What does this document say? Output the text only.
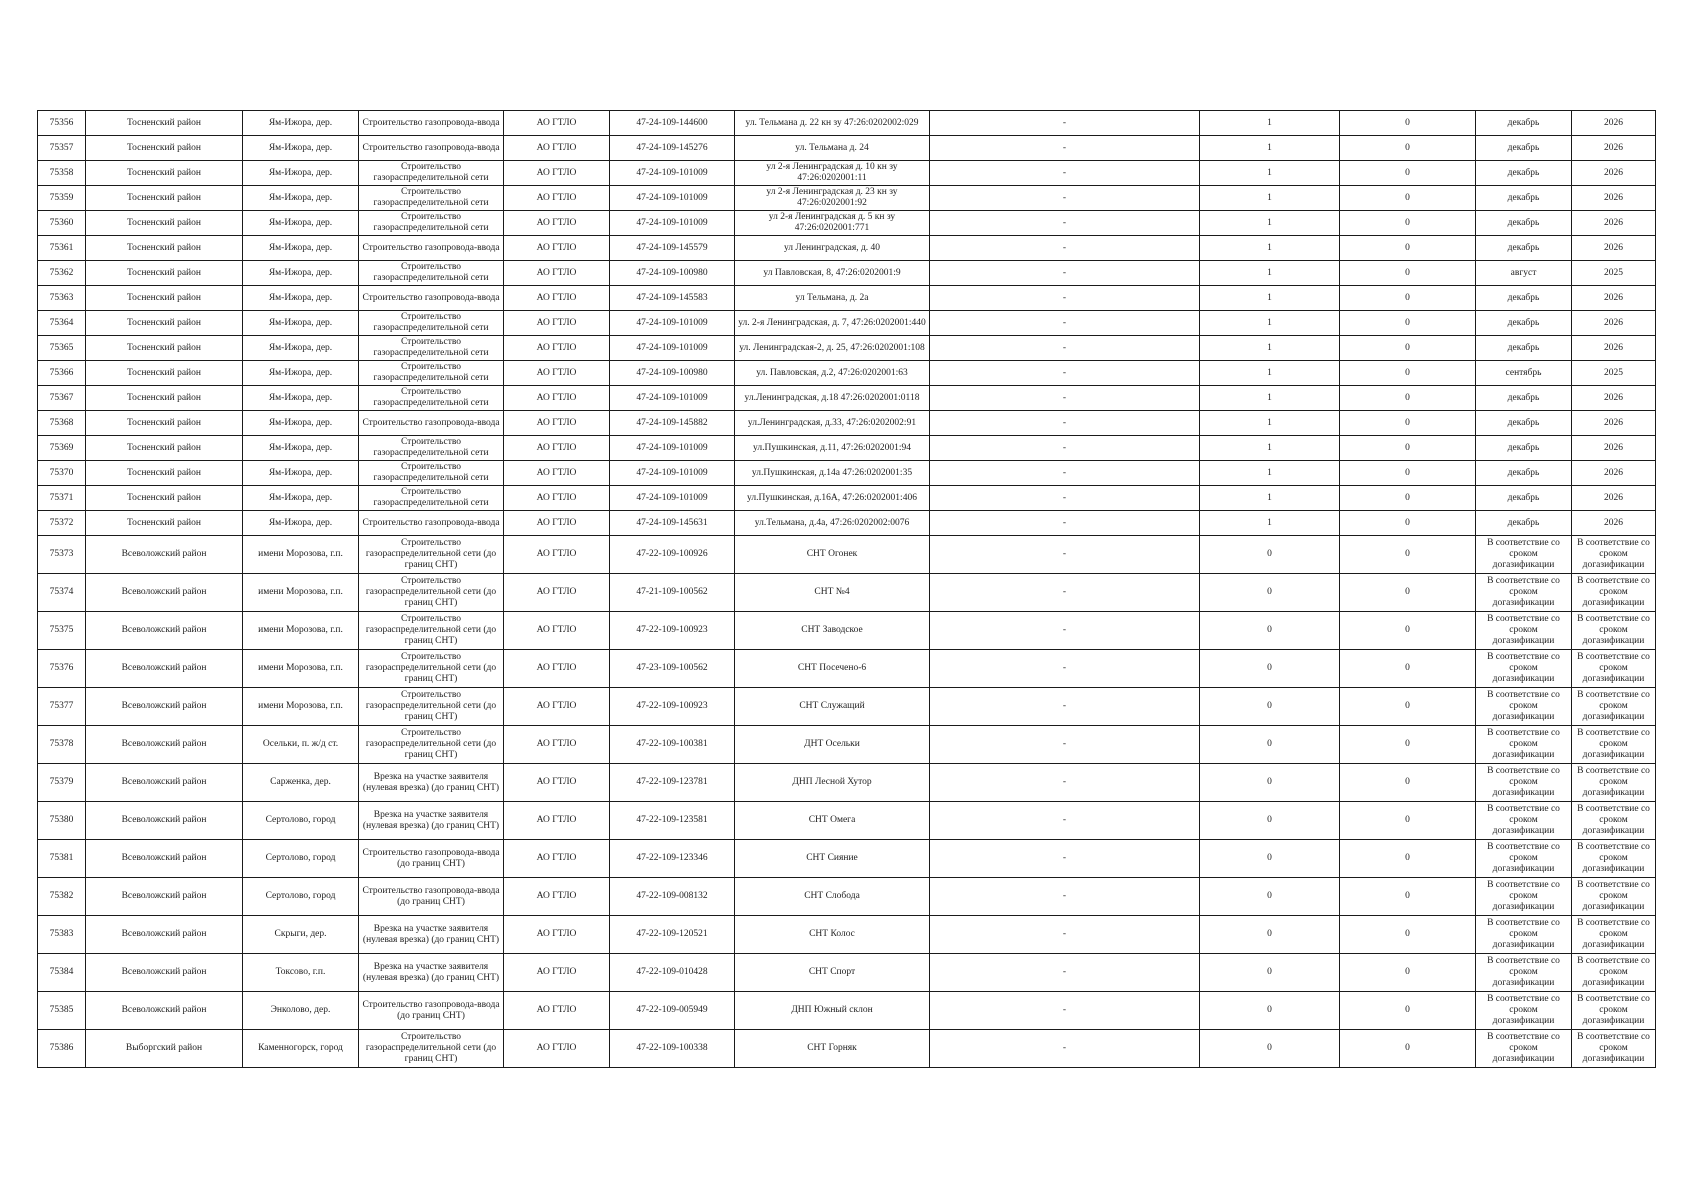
75356	Тосненский район	Ям-Ижора, дер.	Строительство газопровода-ввода	АО ГТЛО	47-24-109-144600	ул. Тельмана д. 22 кн зу 47:26:0202002:029	-	1	0	декабрь	2026
75357	Тосненский район	Ям-Ижора, дер.	Строительство газопровода-ввода	АО ГТЛО	47-24-109-145276	ул. Тельмана д. 24	-	1	0	декабрь	2026
75358	Тосненский район	Ям-Ижора, дер.	Строительство газораспределительной сети	АО ГТЛО	47-24-109-101009	ул 2-я Ленинградская д. 10 кн зу 47:26:0202001:11	-	1	0	декабрь	2026
75359	Тосненский район	Ям-Ижора, дер.	Строительство газораспределительной сети	АО ГТЛО	47-24-109-101009	ул 2-я Ленинградская д. 23 кн зу 47:26:0202001:92	-	1	0	декабрь	2026
75360	Тосненский район	Ям-Ижора, дер.	Строительство газораспределительной сети	АО ГТЛО	47-24-109-101009	ул 2-я Ленинградская д. 5 кн зу 47:26:0202001:771	-	1	0	декабрь	2026
75361	Тосненский район	Ям-Ижора, дер.	Строительство газопровода-ввода	АО ГТЛО	47-24-109-145579	ул Ленинградская, д. 40	-	1	0	декабрь	2026
75362	Тосненский район	Ям-Ижора, дер.	Строительство газораспределительной сети	АО ГТЛО	47-24-109-100980	ул Павловская, 8, 47:26:0202001:9	-	1	0	август	2025
75363	Тосненский район	Ям-Ижора, дер.	Строительство газопровода-ввода	АО ГТЛО	47-24-109-145583	ул Тельмана, д. 2а	-	1	0	декабрь	2026
75364	Тосненский район	Ям-Ижора, дер.	Строительство газораспределительной сети	АО ГТЛО	47-24-109-101009	ул. 2-я Ленинградская, д. 7, 47:26:0202001:440	-	1	0	декабрь	2026
75365	Тосненский район	Ям-Ижора, дер.	Строительство газораспределительной сети	АО ГТЛО	47-24-109-101009	ул. Ленинградская-2, д. 25, 47:26:0202001:108	-	1	0	декабрь	2026
75366	Тосненский район	Ям-Ижора, дер.	Строительство газораспределительной сети	АО ГТЛО	47-24-109-100980	ул. Павловская, д.2, 47:26:0202001:63	-	1	0	сентябрь	2025
75367	Тосненский район	Ям-Ижора, дер.	Строительство газораспределительной сети	АО ГТЛО	47-24-109-101009	ул.Ленинградская, д.18 47:26:0202001:0118	-	1	0	декабрь	2026
75368	Тосненский район	Ям-Ижора, дер.	Строительство газопровода-ввода	АО ГТЛО	47-24-109-145882	ул.Ленинградская, д.33, 47:26:0202002:91	-	1	0	декабрь	2026
75369	Тосненский район	Ям-Ижора, дер.	Строительство газораспределительной сети	АО ГТЛО	47-24-109-101009	ул.Пушкинская, д.11, 47:26:0202001:94	-	1	0	декабрь	2026
75370	Тосненский район	Ям-Ижора, дер.	Строительство газораспределительной сети	АО ГТЛО	47-24-109-101009	ул.Пушкинская, д.14а 47:26:0202001:35	-	1	0	декабрь	2026
75371	Тосненский район	Ям-Ижора, дер.	Строительство газораспределительной сети	АО ГТЛО	47-24-109-101009	ул.Пушкинская, д.16А, 47:26:0202001:406	-	1	0	декабрь	2026
75372	Тосненский район	Ям-Ижора, дер.	Строительство газопровода-ввода	АО ГТЛО	47-24-109-145631	ул.Тельмана, д.4а, 47:26:0202002:0076	-	1	0	декабрь	2026
75373	Всеволожский район	имени Морозова, г.п.	Строительство газораспределительной сети (до границ СНТ)	АО ГТЛО	47-22-109-100926	СНТ Огонек	-	0	0	В соответствие со сроком догазификации	В соответствие со сроком догазификации
75374	Всеволожский район	имени Морозова, г.п.	Строительство газораспределительной сети (до границ СНТ)	АО ГТЛО	47-21-109-100562	СНТ №4	-	0	0	В соответствие со сроком догазификации	В соответствие со сроком догазификации
75375	Всеволожский район	имени Морозова, г.п.	Строительство газораспределительной сети (до границ СНТ)	АО ГТЛО	47-22-109-100923	СНТ Заводское	-	0	0	В соответствие со сроком догазификации	В соответствие со сроком догазификации
75376	Всеволожский район	имени Морозова, г.п.	Строительство газораспределительной сети (до границ СНТ)	АО ГТЛО	47-23-109-100562	СНТ Посечено-6	-	0	0	В соответствие со сроком догазификации	В соответствие со сроком догазификации
75377	Всеволожский район	имени Морозова, г.п.	Строительство газораспределительной сети (до границ СНТ)	АО ГТЛО	47-22-109-100923	СНТ Служащий	-	0	0	В соответствие со сроком догазификации	В соответствие со сроком догазификации
75378	Всеволожский район	Осельки, п. ж/д ст.	Строительство газораспределительной сети (до границ СНТ)	АО ГТЛО	47-22-109-100381	ДНТ Осельки	-	0	0	В соответствие со сроком догазификации	В соответствие со сроком догазификации
75379	Всеволожский район	Сарженка, дер.	Врезка на участке заявителя (нулевая врезка) (до границ СНТ)	АО ГТЛО	47-22-109-123781	ДНП Лесной Хутор	-	0	0	В соответствие со сроком догазификации	В соответствие со сроком догазификации
75380	Всеволожский район	Сертолово, город	Врезка на участке заявителя (нулевая врезка) (до границ СНТ)	АО ГТЛО	47-22-109-123581	СНТ Омега	-	0	0	В соответствие со сроком догазификации	В соответствие со сроком догазификации
75381	Всеволожский район	Сертолово, город	Строительство газопровода-ввода (до границ СНТ)	АО ГТЛО	47-22-109-123346	СНТ Сияние	-	0	0	В соответствие со сроком догазификации	В соответствие со сроком догазификации
75382	Всеволожский район	Сертолово, город	Строительство газопровода-ввода (до границ СНТ)	АО ГТЛО	47-22-109-008132	СНТ Слобода	-	0	0	В соответствие со сроком догазификации	В соответствие со сроком догазификации
75383	Всеволожский район	Скрыги, дер.	Врезка на участке заявителя (нулевая врезка) (до границ СНТ)	АО ГТЛО	47-22-109-120521	СНТ Колос	-	0	0	В соответствие со сроком догазификации	В соответствие со сроком догазификации
75384	Всеволожский район	Токсово, г.п.	Врезка на участке заявителя (нулевая врезка) (до границ СНТ)	АО ГТЛО	47-22-109-010428	СНТ Спорт	-	0	0	В соответствие со сроком догазификации	В соответствие со сроком догазификации
75385	Всеволожский район	Энколово, дер.	Строительство газопровода-ввода (до границ СНТ)	АО ГТЛО	47-22-109-005949	ДНП Южный склон	-	0	0	В соответствие со сроком догазификации	В соответствие со сроком догазификации
75386	Выборгский район	Каменногорск, город	Строительство газораспределительной сети (до границ СНТ)	АО ГТЛО	47-22-109-100338	СНТ Горняк	-	0	0	В соответствие со сроком догазификации	В соответствие со сроком догазификации
